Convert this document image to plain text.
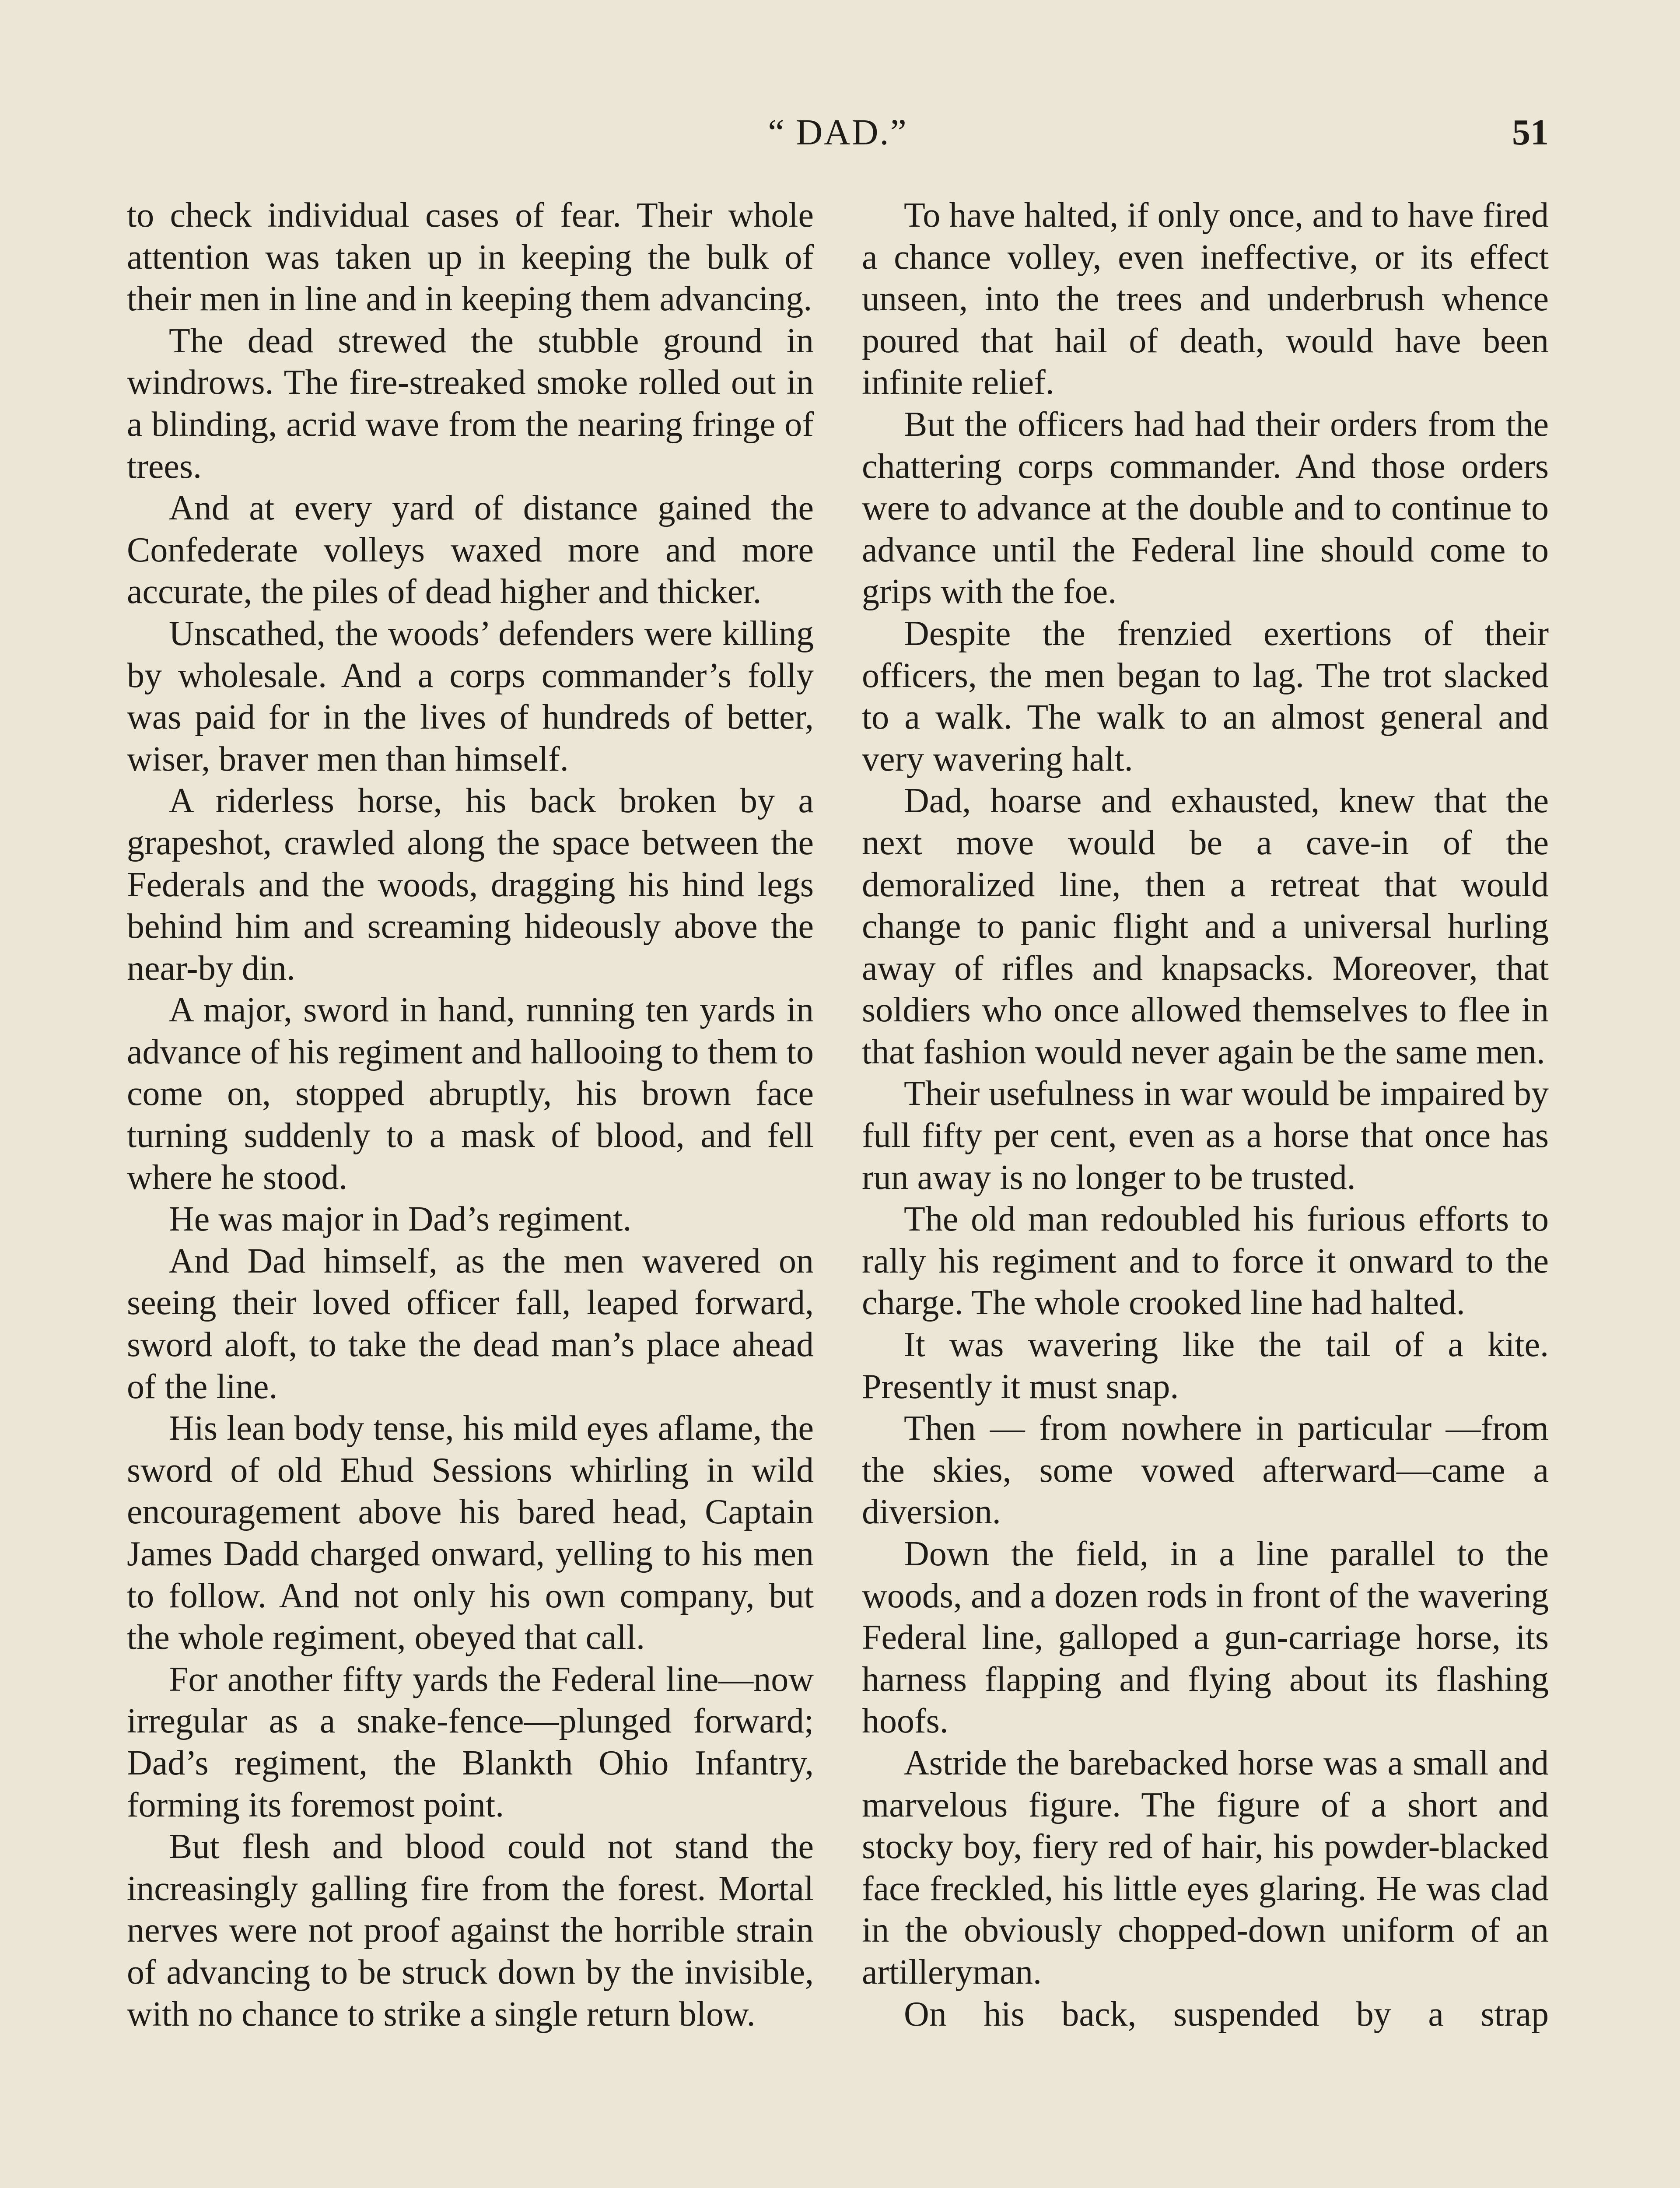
“ DAD.”	51

to check individual cases of fear. Their whole attention was taken up in keeping the bulk of their men in line and in keeping them advancing.

The dead strewed the stubble ground in windrows. The fire-streaked smoke rolled out in a blinding, acrid wave from the nearing fringe of trees.

And at every yard of distance gained the Confederate volleys waxed more and more accurate, the piles of dead higher and thicker.

Unscathed, the woods’ defenders were killing by wholesale. And a corps commander’s folly was paid for in the lives of hundreds of better, wiser, braver men than himself.

A riderless horse, his back broken by a grapeshot, crawled along the space between the Federals and the woods, dragging his hind legs behind him and screaming hideously above the near-by din.

A major, sword in hand, running ten yards in advance of his regiment and hallooing to them to come on, stopped abruptly, his brown face turning suddenly to a mask of blood, and fell where he stood.

He was major in Dad’s regiment.

And Dad himself, as the men wavered on seeing their loved officer fall, leaped forward, sword aloft, to take the dead man’s place ahead of the line.

His lean body tense, his mild eyes aflame, the sword of old Ehud Sessions whirling in wild encouragement above his bared head, Captain James Dadd charged onward, yelling to his men to follow. And not only his own company, but the whole regiment, obeyed that call.

For another fifty yards the Federal line—now irregular as a snake-fence—plunged forward; Dad’s regiment, the Blankth Ohio Infantry, forming its foremost point.

But flesh and blood could not stand the increasingly galling fire from the forest. Mortal nerves were not proof against the horrible strain of advancing to be struck down by the invisible, with no chance to strike a single return blow.

To have halted, if only once, and to have fired a chance volley, even ineffective, or its effect unseen, into the trees and underbrush whence poured that hail of death, would have been infinite relief.

But the officers had had their orders from the chattering corps commander. And those orders were to advance at the double and to continue to advance until the Federal line should come to grips with the foe.

Despite the frenzied exertions of their officers, the men began to lag. The trot slacked to a walk. The walk to an almost general and very wavering halt.

Dad, hoarse and exhausted, knew that the next move would be a cave-in of the demoralized line, then a retreat that would change to panic flight and a universal hurling away of rifles and knapsacks. Moreover, that soldiers who once allowed themselves to flee in that fashion would never again be the same men.

Their usefulness in war would be impaired by full fifty per cent, even as a horse that once has run away is no longer to be trusted.

The old man redoubled his furious efforts to rally his regiment and to force it onward to the charge. The whole crooked line had halted.

It was wavering like the tail of a kite. Presently it must snap.

Then — from nowhere in particular —from the skies, some vowed afterward—came a diversion.

Down the field, in a line parallel to the woods, and a dozen rods in front of the wavering Federal line, galloped a gun-carriage horse, its harness flapping and flying about its flashing hoofs.

Astride the barebacked horse was a small and marvelous figure. The figure of a short and stocky boy, fiery red of hair, his powder-blacked face freckled, his little eyes glaring. He was clad in the obviously chopped-down uniform of an artilleryman.

On his back, suspended by a strap
